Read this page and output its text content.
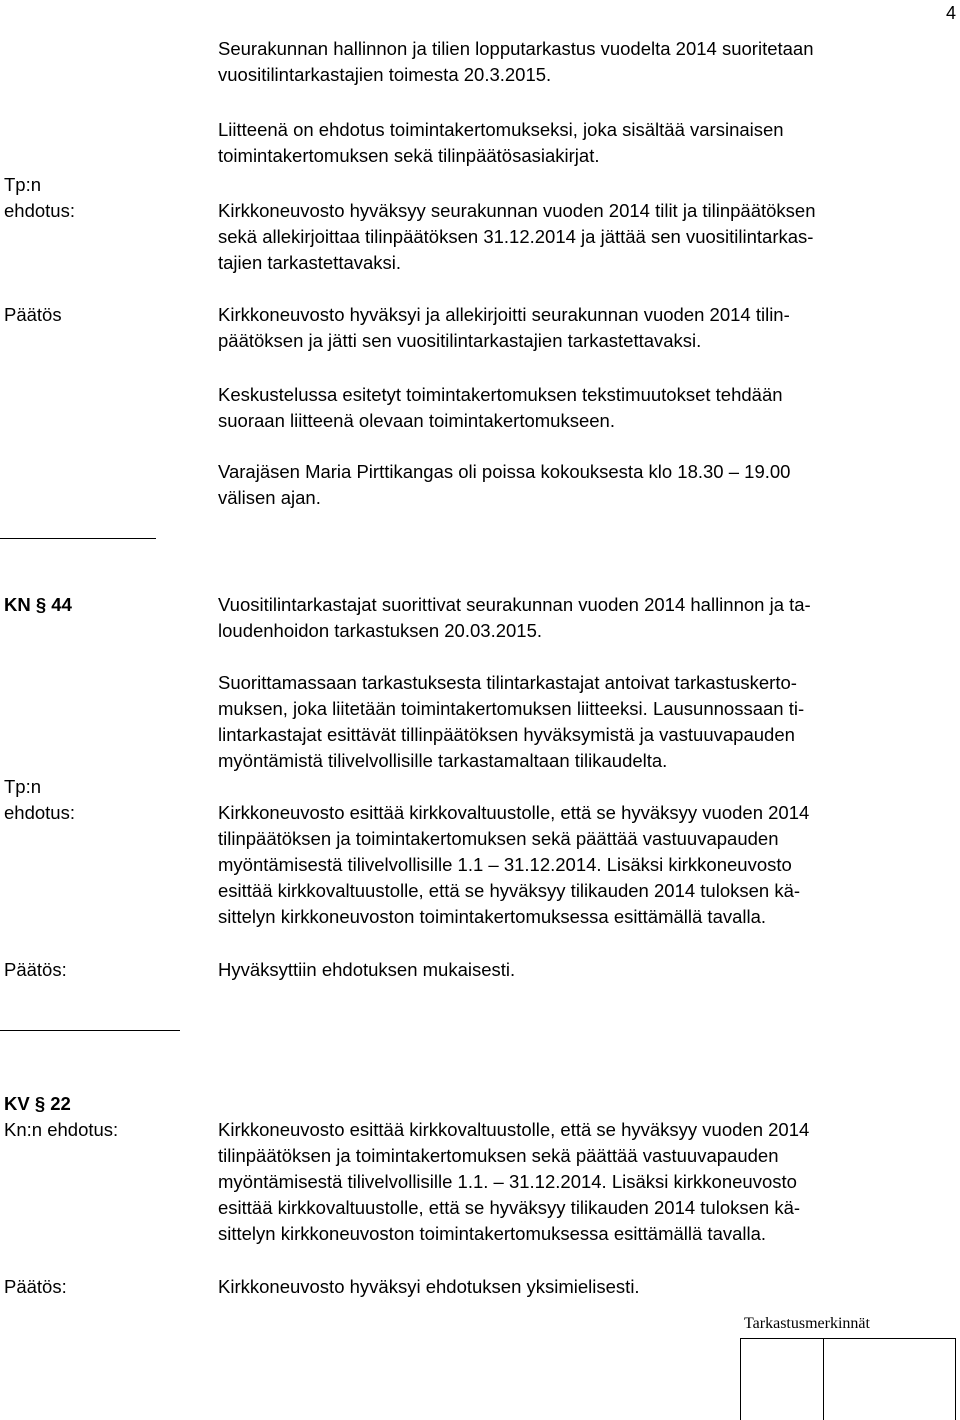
4
Seurakunnan hallinnon ja tilien lopputarkastus vuodelta 2014 suoritetaan
vuositilintarkastajien toimesta 20.3.2015.
Liitteenä on ehdotus toimintakertomukseksi, joka sisältää varsinaisen
toimintakertomuksen sekä tilinpäätösasiakirjat.
Tp:n
ehdotus:	Kirkkoneuvosto hyväksyy seurakunnan vuoden 2014 tilit ja tilinpäätöksen
sekä allekirjoittaa tilinpäätöksen 31.12.2014 ja jättää sen vuositilintarkas-
tajien tarkastettavaksi.
Päätös	Kirkkoneuvosto hyväksyi ja allekirjoitti seurakunnan vuoden 2014 tilin-
päätöksen ja jätti sen vuositilintarkastajien tarkastettavaksi.
Keskustelussa esitetyt toimintakertomuksen tekstimuutokset tehdään
suoraan liitteenä olevaan toimintakertomukseen.
Varajäsen Maria Pirttikangas oli poissa kokouksesta klo 18.30 – 19.00
välisen ajan.
KN § 44	Vuositilintarkastajat suorittivat seurakunnan vuoden 2014 hallinnon ja ta-
loudenhoidon tarkastuksen 20.03.2015.
Suorittamassaan tarkastuksesta tilintarkastajat antoivat tarkastuskerto-
muksen, joka liitetään toimintakertomuksen liitteeksi. Lausunnossaan ti-
lintarkastajat esittävät tillinpäätöksen hyväksymistä ja vastuuvapauden
myöntämistä tilivelvollisille tarkastamaltaan tilikaudelta.
Tp:n
ehdotus:	Kirkkoneuvosto esittää kirkkovaltuustolle, että se hyväksyy vuoden 2014
tilinpäätöksen ja toimintakertomuksen sekä päättää vastuuvapauden
myöntämisestä tilivelvollisille 1.1 – 31.12.2014. Lisäksi kirkkoneuvosto
esittää kirkkovaltuustolle, että se hyväksyy tilikauden 2014 tuloksen kä-
sittelyn kirkkoneuvoston toimintakertomuksessa esittämällä tavalla.
Päätös:	Hyväksyttiin ehdotuksen mukaisesti.
KV § 22
Kn:n ehdotus:	Kirkkoneuvosto esittää kirkkovaltuustolle, että se hyväksyy vuoden 2014
tilinpäätöksen ja toimintakertomuksen sekä päättää vastuuvapauden
myöntämisestä tilivelvollisille 1.1. – 31.12.2014. Lisäksi kirkkoneuvosto
esittää kirkkovaltuustolle, että se hyväksyy tilikauden 2014 tuloksen kä-
sittelyn kirkkoneuvoston toimintakertomuksessa esittämällä tavalla.
Päätös:	Kirkkoneuvosto hyväksyi ehdotuksen yksimielisesti.
Tarkastusmerkinnät
